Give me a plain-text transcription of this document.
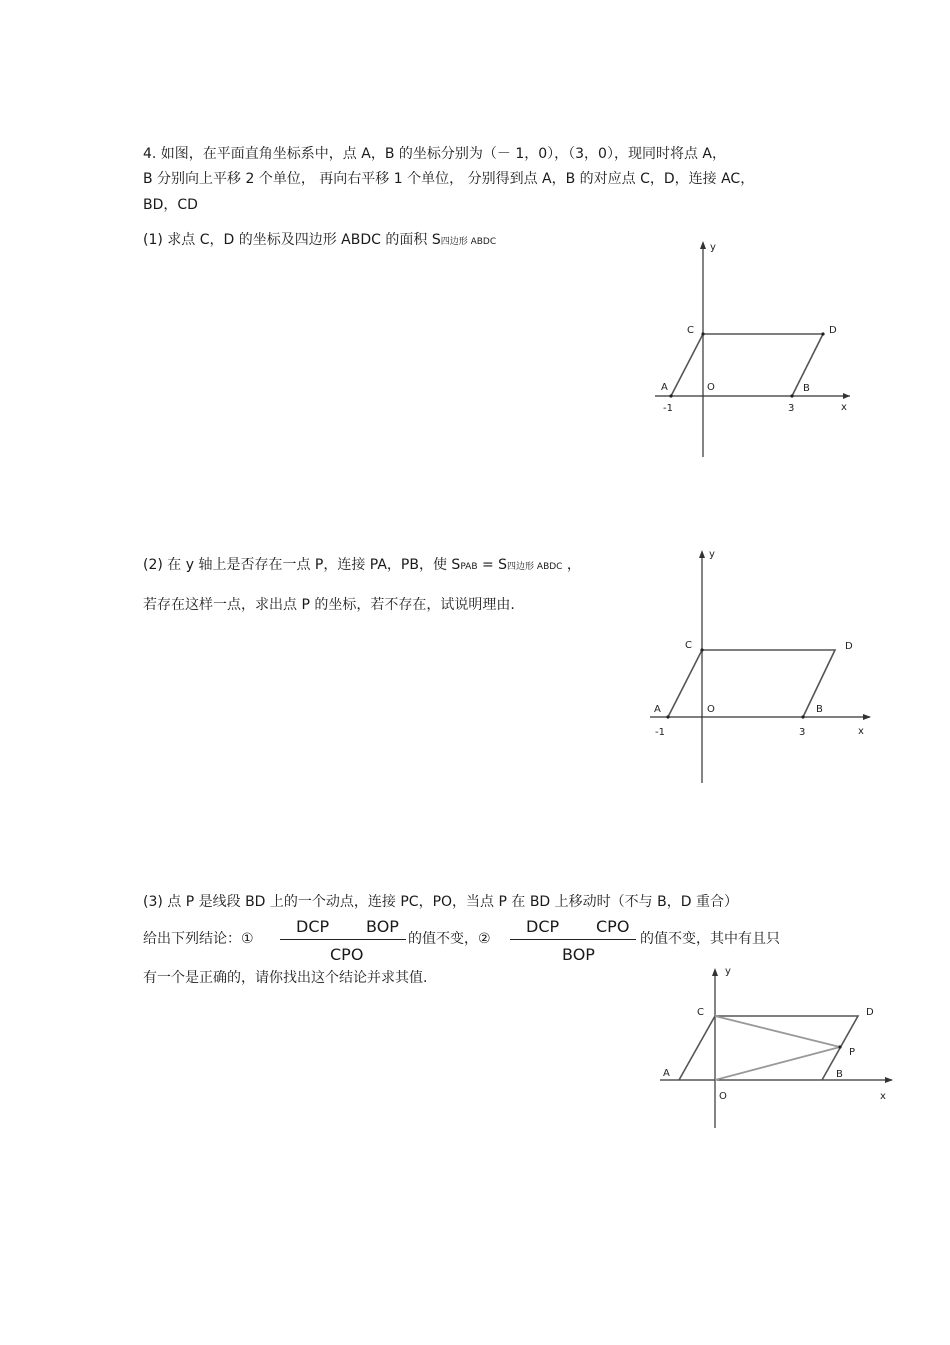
4. 如图，在平面直角坐标系中，点 A，B 的坐标分别为（－ 1，0），（3，0），现同时将点 A，
B 分别向上平移 2 个单位， 再向右平移 1 个单位， 分别得到点 A，B 的对应点 C，D，连接 AC，
BD，CD
(1) 求点 C，D 的坐标及四边形 ABDC 的面积 S四边形 ABDC	y
x
C	D
A	O	B
-1	3
(2) 在 y 轴上是否存在一点 P，连接 PA，PB，使 SPAB = S四边形 ABDC ，
若存在这样一点，求出点 P 的坐标，若不存在，试说明理由.
y
x
C	D
A	O	B
-1	3
(3) 点 P 是线段 BD 上的一个动点，连接 PC，PO，当点 P 在 BD 上移动时（不与 B，D 重合）
给出下列结论：①
DCP BOP
CPO
的值不变，②
DCP CPO
BOP
的值不变，其中有且只
有一个是正确的，请你找出这个结论并求其值.	y
x
C	D
A
O
B
P
